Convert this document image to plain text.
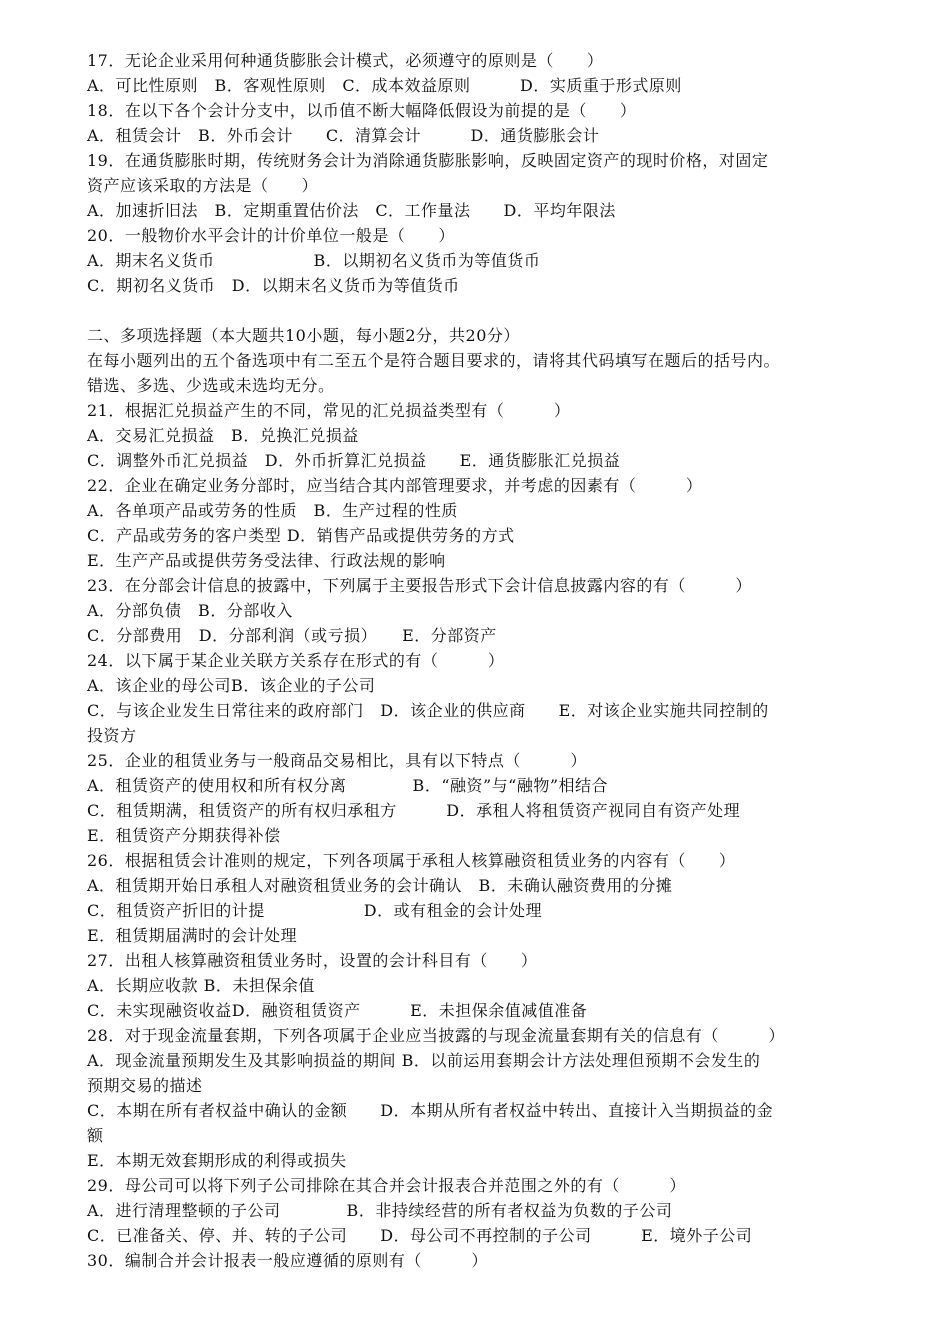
17．无论企业采用何种通货膨胀会计模式，必须遵守的原则是（　　）
A．可比性原则　B．客观性原则　C．成本效益原则　　　D．实质重于形式原则
18．在以下各个会计分支中，以币值不断大幅降低假设为前提的是（　　）
A．租赁会计　B．外币会计　　C．清算会计　　　D．通货膨胀会计
19．在通货膨胀时期，传统财务会计为消除通货膨胀影响，反映固定资产的现时价格，对固定
资产应该采取的方法是（　　）
A．加速折旧法　B．定期重置估价法　C．工作量法　　D．平均年限法
20．一般物价水平会计的计价单位一般是（　　）
A．期末名义货币　　　　　　B．以期初名义货币为等值货币
C．期初名义货币　D．以期末名义货币为等值货币
二、多项选择题（本大题共10小题，每小题2分，共20分）
在每小题列出的五个备选项中有二至五个是符合题目要求的，请将其代码填写在题后的括号内。
错选、多选、少选或未选均无分。
21．根据汇兑损益产生的不同，常见的汇兑损益类型有（　　　）
A．交易汇兑损益　B．兑换汇兑损益
C．调整外币汇兑损益　D．外币折算汇兑损益　　E．通货膨胀汇兑损益
22．企业在确定业务分部时，应当结合其内部管理要求，并考虑的因素有（　　　）
A．各单项产品或劳务的性质　B．生产过程的性质
C．产品或劳务的客户类型 D．销售产品或提供劳务的方式
E．生产产品或提供劳务受法律、行政法规的影响
23．在分部会计信息的披露中，下列属于主要报告形式下会计信息披露内容的有（　　　）
A．分部负债　B．分部收入
C．分部费用　D．分部利润（或亏损）　　E．分部资产
24．以下属于某企业关联方关系存在形式的有（　　　）
A．该企业的母公司B．该企业的子公司
C．与该企业发生日常往来的政府部门　D．该企业的供应商　　E．对该企业实施共同控制的
投资方
25．企业的租赁业务与一般商品交易相比，具有以下特点（　　　）
A．租赁资产的使用权和所有权分离　　　　B．“融资”与“融物”相结合
C．租赁期满，租赁资产的所有权归承租方　　　D．承租人将租赁资产视同自有资产处理
E．租赁资产分期获得补偿
26．根据租赁会计准则的规定，下列各项属于承租人核算融资租赁业务的内容有（　　）
A．租赁期开始日承租人对融资租赁业务的会计确认　B．未确认融资费用的分摊
C．租赁资产折旧的计提　　　　　　D．或有租金的会计处理
E．租赁期届满时的会计处理
27．出租人核算融资租赁业务时，设置的会计科目有（　　）
A．长期应收款 B．未担保余值
C．未实现融资收益D．融资租赁资产　　　E．未担保余值减值准备
28．对于现金流量套期，下列各项属于企业应当披露的与现金流量套期有关的信息有（　　　）
A．现金流量预期发生及其影响损益的期间 B．以前运用套期会计方法处理但预期不会发生的
预期交易的描述
C．本期在所有者权益中确认的金额　　D．本期从所有者权益中转出、直接计入当期损益的金
额
E．本期无效套期形成的利得或损失
29．母公司可以将下列子公司排除在其合并会计报表合并范围之外的有（　　　）
A．进行清理整顿的子公司　　　　B．非持续经营的所有者权益为负数的子公司
C．已准备关、停、并、转的子公司　　D．母公司不再控制的子公司　　　E．境外子公司
30．编制合并会计报表一般应遵循的原则有（　　　）
